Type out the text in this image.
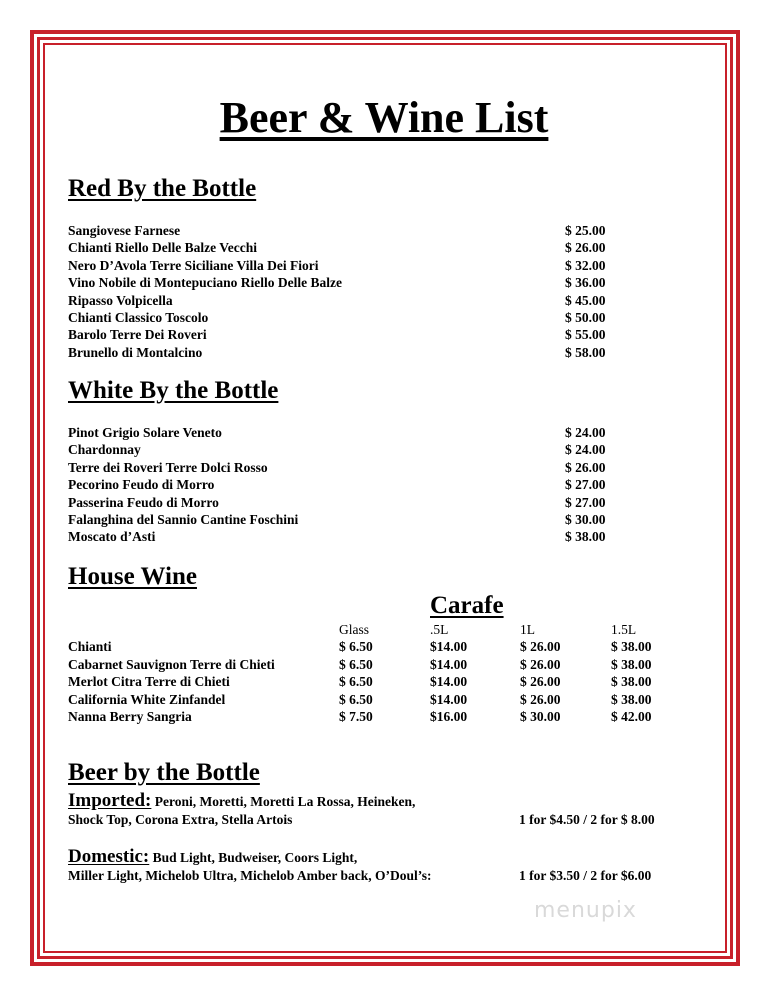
Beer & Wine List
Red By the Bottle
Sangiovese Farnese	$ 25.00
Chianti Riello Delle Balze Vecchi	$ 26.00
Nero D’Avola Terre Siciliane Villa Dei Fiori	$ 32.00
Vino Nobile di Montepuciano Riello Delle Balze	$ 36.00
Ripasso Volpicella	$ 45.00
Chianti Classico Toscolo	$ 50.00
Barolo Terre Dei Roveri	$ 55.00
Brunello di Montalcino	$ 58.00
White By the Bottle
Pinot Grigio Solare Veneto	$ 24.00
Chardonnay	$ 24.00
Terre dei Roveri Terre Dolci Rosso	$ 26.00
Pecorino Feudo di Morro	$ 27.00
Passerina Feudo di Morro	$ 27.00
Falanghina del Sannio Cantine Foschini	$ 30.00
Moscato d’Asti	$ 38.00
House Wine
Carafe
Glass	.5L	1L	1.5L
Chianti	$ 6.50	$14.00	$ 26.00	$ 38.00
Cabarnet Sauvignon Terre di Chieti	$ 6.50	$14.00	$ 26.00	$ 38.00
Merlot Citra Terre di Chieti	$ 6.50	$14.00	$ 26.00	$ 38.00
California White Zinfandel	$ 6.50	$14.00	$ 26.00	$ 38.00
Nanna Berry Sangria	$ 7.50	$16.00	$ 30.00	$ 42.00
Beer by the Bottle
Imported: Peroni, Moretti, Moretti La Rossa, Heineken,
Shock Top, Corona Extra, Stella Artois	1 for $4.50 / 2 for $ 8.00
Domestic: Bud Light, Budweiser, Coors Light,
Miller Light, Michelob Ultra, Michelob Amber back, O’Doul’s:	1 for $3.50 / 2 for $6.00
menupix
